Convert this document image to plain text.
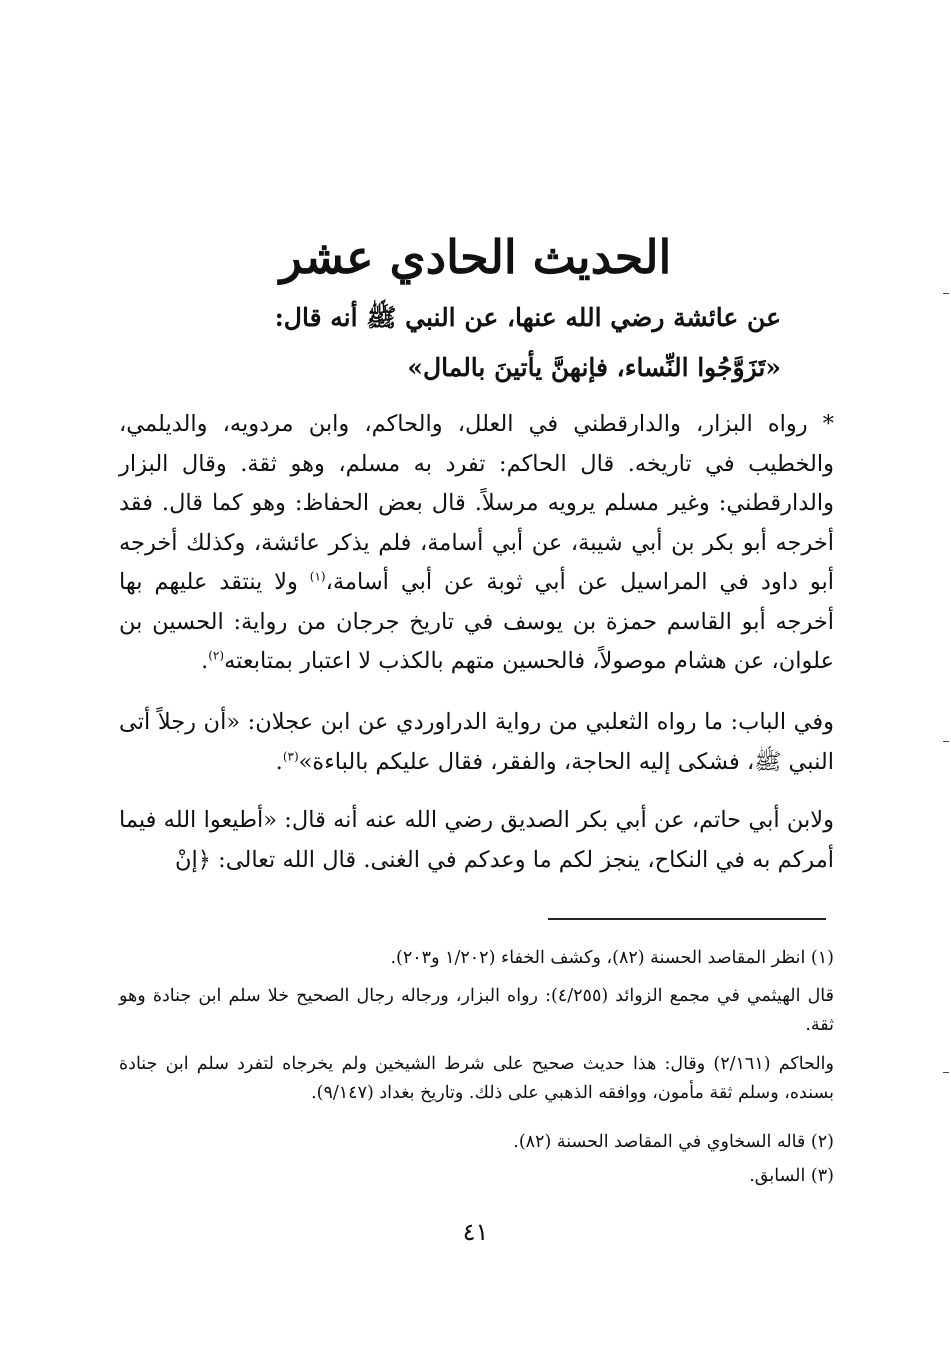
الحديث الحادي عشر
عن عائشة رضي الله عنها، عن النبي ﷺ أنه قال:
«تَزَوَّجُوا النِّساء، فإنهنَّ يأتينَ بالمال»
* رواه البزار، والدارقطني في العلل، والحاكم، وابن مردويه، والديلمي، والخطيب في تاريخه. قال الحاكم: تفرد به مسلم، وهو ثقة. وقال البزار والدارقطني: وغير مسلم يرويه مرسلاً. قال بعض الحفاظ: وهو كما قال. فقد أخرجه أبو بكر بن أبي شيبة، عن أبي أسامة، فلم يذكر عائشة، وكذلك أخرجه أبو داود في المراسيل عن أبي ثوبة عن أبي أسامة،$^{(١)}$ ولا ينتقد عليهم بها أخرجه أبو القاسم حمزة بن يوسف في تاريخ جرجان من رواية: الحسين بن علوان، عن هشام موصولاً، فالحسين متهم بالكذب لا اعتبار بمتابعته$^{(٢)}$.
وفي الباب: ما رواه الثعلبي من رواية الدراوردي عن ابن عجلان: «أن رجلاً أتى النبي ﷺ، فشكى إليه الحاجة، والفقر، فقال عليكم بالباءة»$^{(٣)}$.
ولابن أبي حاتم، عن أبي بكر الصديق رضي الله عنه أنه قال: «أطيعوا الله فيما أمركم به في النكاح، ينجز لكم ما وعدكم في الغنى. قال الله تعالى: ﴿إنْ
(١) انظر المقاصد الحسنة (٨٢)، وكشف الخفاء (١/٢٠٢ و٢٠٣).
قال الهيثمي في مجمع الزوائد (٤/٢٥٥): رواه البزار، ورجاله رجال الصحيح خلا سلم ابن جنادة وهو ثقة.
والحاكم (٢/١٦١) وقال: هذا حديث صحيح على شرط الشيخين ولم يخرجاه لتفرد سلم ابن جنادة بسنده، وسلم ثقة مأمون، ووافقه الذهبي على ذلك. وتاريخ بغداد (٩/١٤٧).
(٢) قاله السخاوي في المقاصد الحسنة (٨٢).
(٣) السابق.
٤١
